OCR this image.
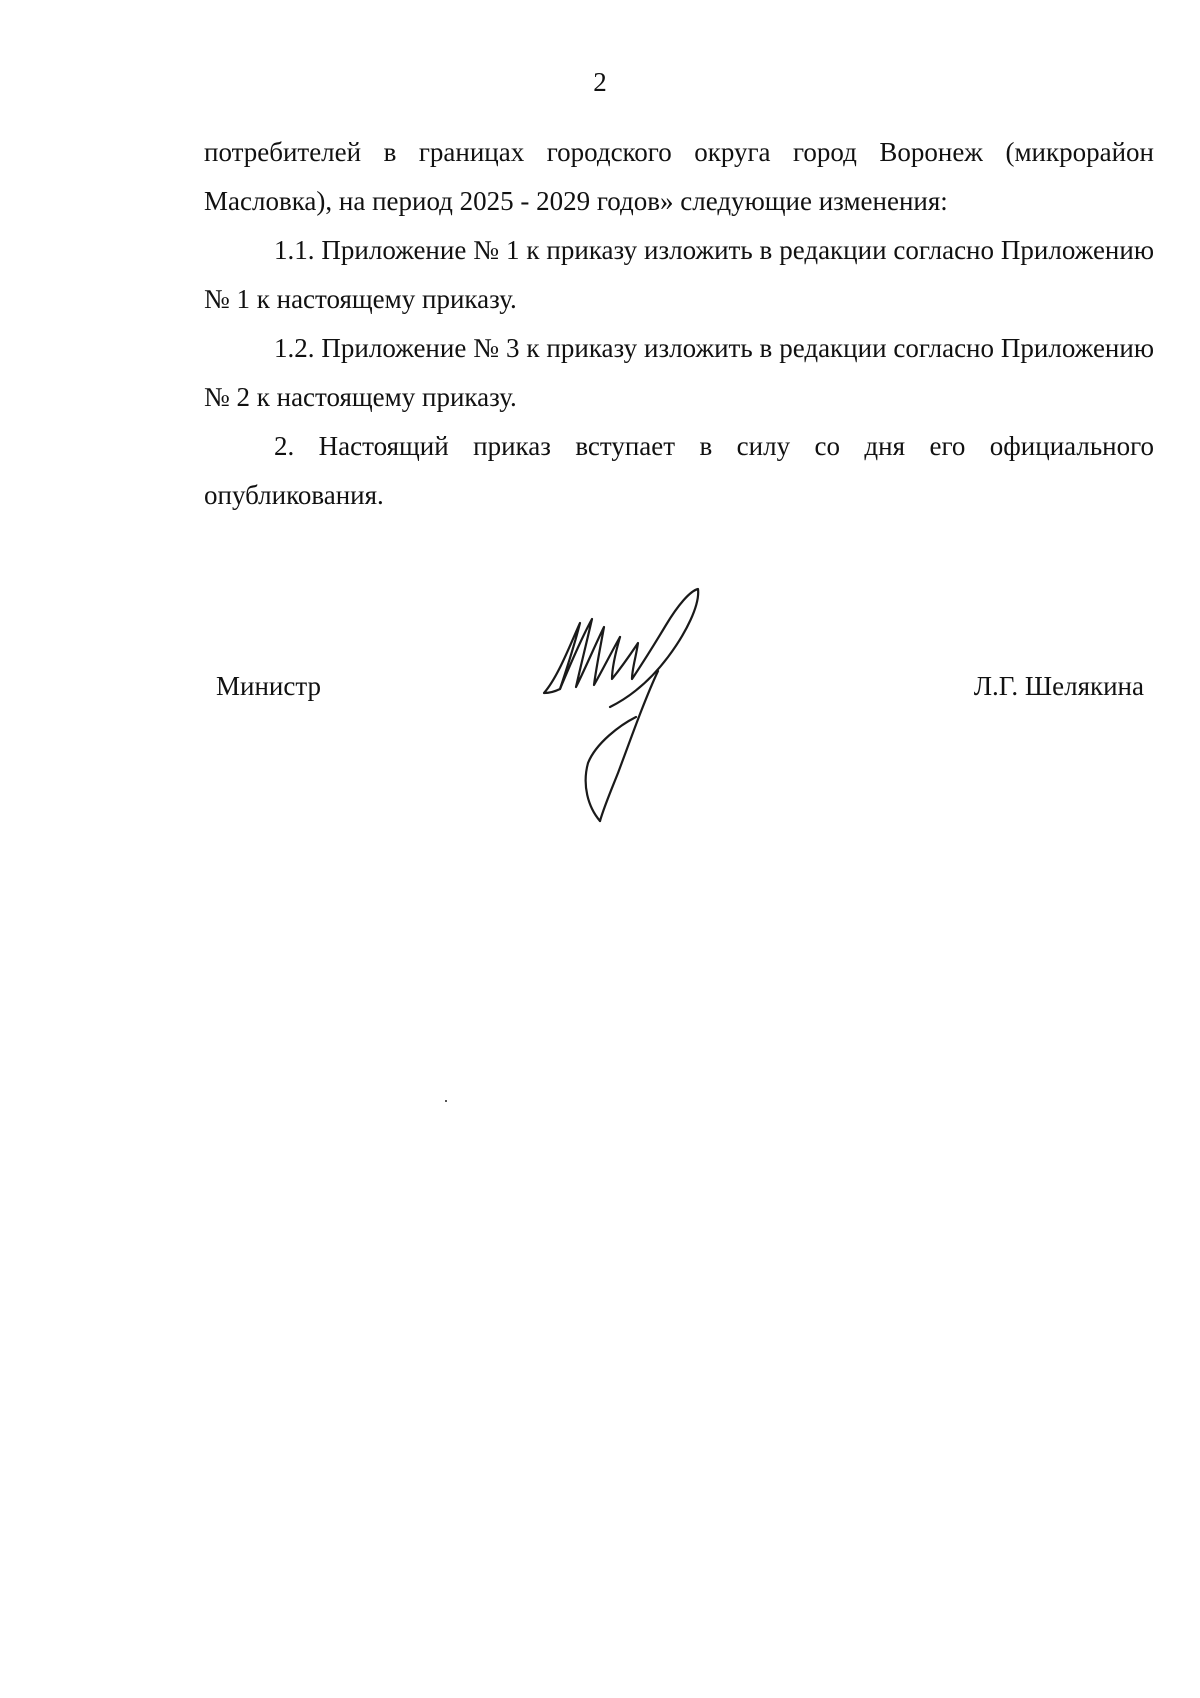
2

потребителей в границах городского округа город Воронеж (микрорайон Масловка), на период 2025 - 2029 годов» следующие изменения:

1.1. Приложение № 1 к приказу изложить в редакции согласно Приложению № 1 к настоящему приказу.

1.2. Приложение № 3 к приказу изложить в редакции согласно Приложению № 2 к настоящему приказу.

2. Настоящий приказ вступает в силу со дня его официального опубликования.

Министр	Л.Г. Шелякина
